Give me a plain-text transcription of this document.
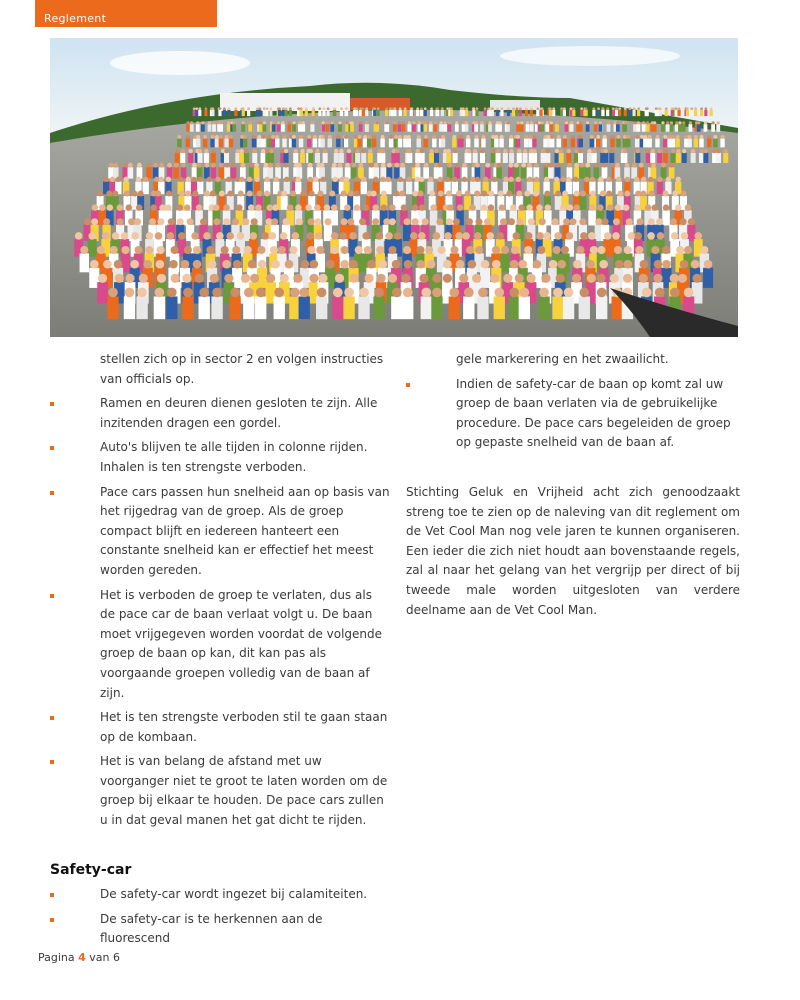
Reglement

stellen zich op in sector 2 en volgen instructies van officials op.

Ramen en deuren dienen gesloten te zijn. Alle inzitenden dragen een gordel.
Auto's blijven te alle tijden in colonne rijden. Inhalen is ten strengste verboden.
Pace cars passen hun snelheid aan op basis van het rijgedrag van de groep. Als de groep compact blijft en iedereen hanteert een constante snelheid kan er effectief het meest worden gereden.
Het is verboden de groep te verlaten, dus als de pace car de baan verlaat volgt u. De baan moet vrijgegeven worden voordat de volgende groep de baan op kan, dit kan pas als voorgaande groepen volledig van de baan af zijn.
Het is ten strengste verboden stil te gaan staan op de kombaan.
Het is van belang de afstand met uw voorganger niet te groot te laten worden om de groep bij elkaar te houden. De pace cars zullen u in dat geval manen het gat dicht te rijden.
Safety-car
De safety-car wordt ingezet bij calamiteiten.
De safety-car is te herkennen aan de fluorescend

gele markerering en het zwaailicht.

Indien de safety-car de baan op komt zal uw groep de baan verlaten via de gebruikelijke procedure. De pace cars begeleiden de groep op gepaste snelheid van de baan af.

Stichting Geluk en Vrijheid acht zich genoodzaakt streng toe te zien op de naleving van dit reglement om de Vet Cool Man nog vele jaren te kunnen organiseren. Een ieder die zich niet houdt aan bovenstaande regels, zal al naar het gelang van het vergrijp per direct of bij tweede male worden uitgesloten van verdere deelname aan de Vet Cool Man.

Pagina 4 van 6
